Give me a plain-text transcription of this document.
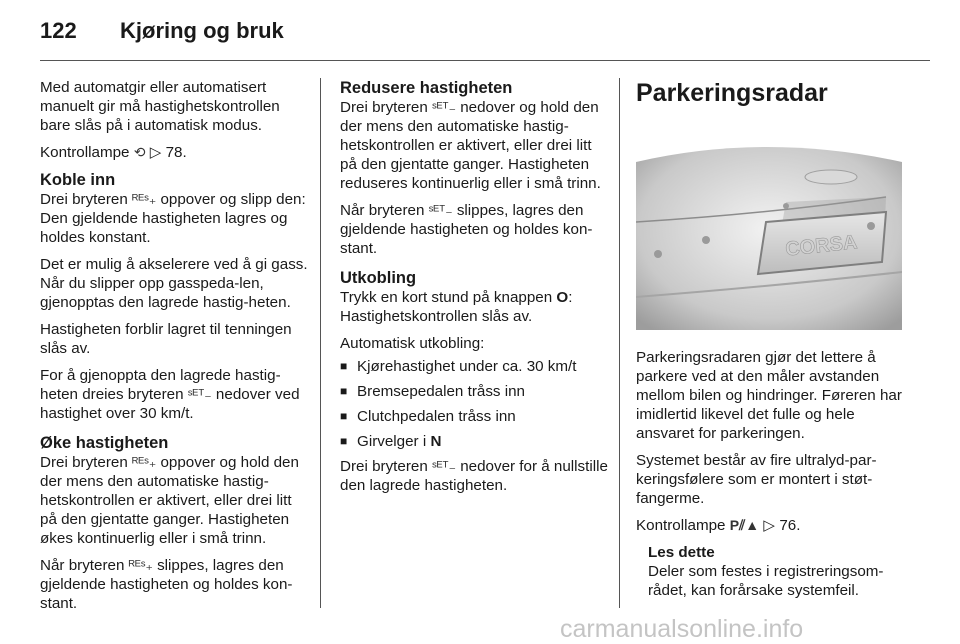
122 Kjøring og bruk

Med automatgir eller automatisert manuelt gir må hastighetskontrollen bare slås på i automatisk modus.

Kontrollampe ⟲ ▷ 78.

Koble inn

Drei bryteren ᴿᴱˢ₊ oppover og slipp den: Den gjeldende hastigheten lagres og holdes konstant.

Det er mulig å akselerere ved å gi gass. Når du slipper opp gasspeda-len, gjenopptas den lagrede hastig-heten.

Hastigheten forblir lagret til tenningen slås av.

For å gjenoppta den lagrede hastig-heten dreies bryteren ˢᴱᵀ₋ nedover ved hastighet over 30 km/t.

Øke hastigheten

Drei bryteren ᴿᴱˢ₊ oppover og hold den der mens den automatiske hastig-hetskontrollen er aktivert, eller drei litt på den gjentatte ganger. Hastigheten økes kontinuerlig eller i små trinn.

Når bryteren ᴿᴱˢ₊ slippes, lagres den gjeldende hastigheten og holdes kon-stant.

Redusere hastigheten

Drei bryteren ˢᴱᵀ₋ nedover og hold den der mens den automatiske hastig-hetskontrollen er aktivert, eller drei litt på den gjentatte ganger. Hastigheten reduseres kontinuerlig eller i små trinn.

Når bryteren ˢᴱᵀ₋ slippes, lagres den gjeldende hastigheten og holdes kon-stant.

Utkobling

Trykk en kort stund på knappen O: Hastighetskontrollen slås av.

Automatisk utkobling:

■ Kjørehastighet under ca. 30 km/t
■ Bremsepedalen tråss inn
■ Clutchpedalen tråss inn
■ Girvelger i N

Drei bryteren ˢᴱᵀ₋ nedover for å nullstille den lagrede hastigheten.

Parkeringsradar
CORSA

Parkeringsradaren gjør det lettere å parkere ved at den måler avstanden mellom bilen og hindringer. Føreren har imidlertid likevel det fulle og hele ansvaret for parkeringen.

Systemet består av fire ultralyd-par-keringsfølere som er montert i støt-fangerme.

Kontrollampe P⫽▲ ▷ 76.

Les dette
Deler som festes i registreringsom-rådet, kan forårsake systemfeil.
carmanualsonline.info
